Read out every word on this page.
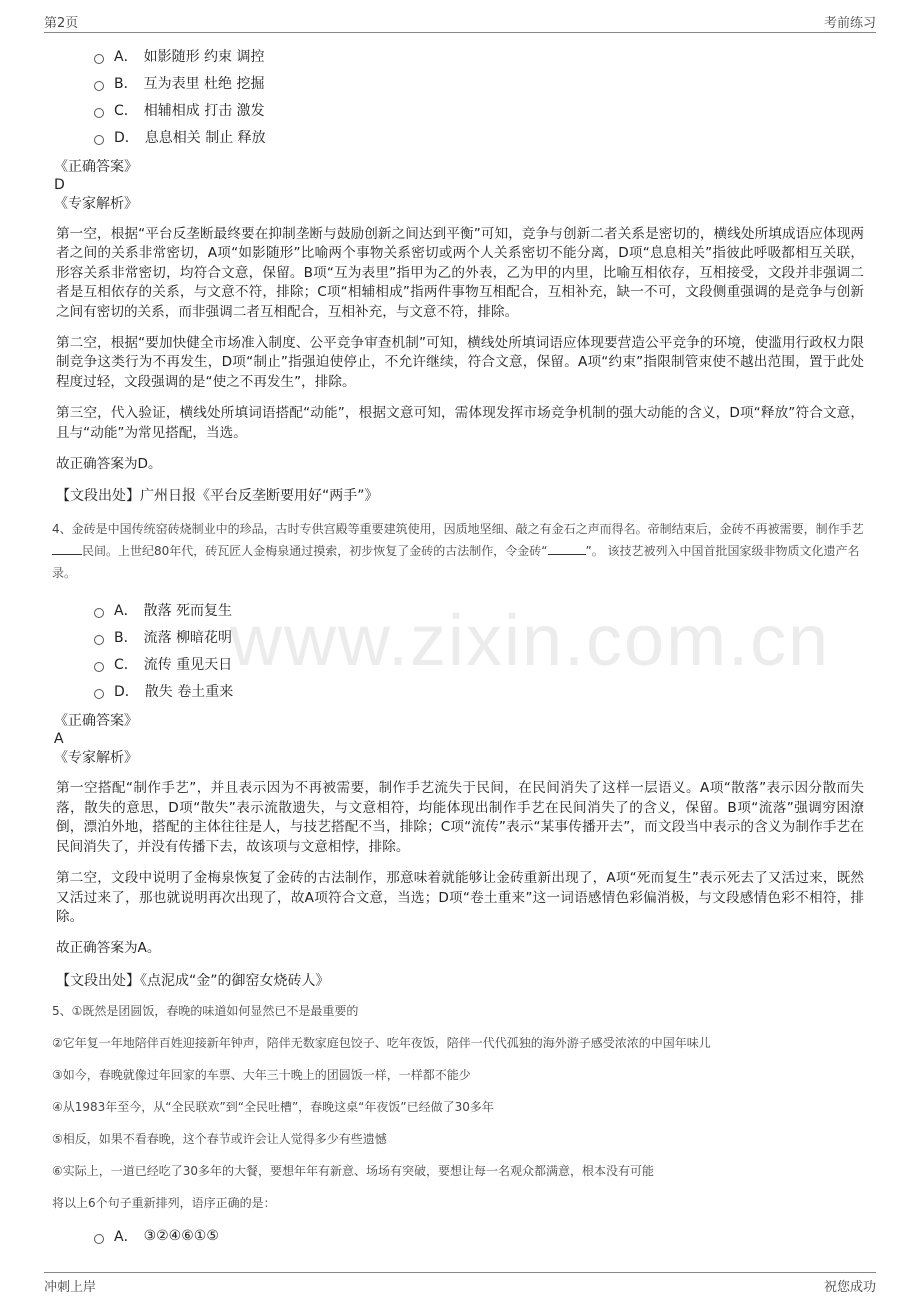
第2页	考前练习
www.zixin.com.cn
A． 如影随形 约束 调控
B． 互为表里 杜绝 挖掘
C． 相辅相成 打击 激发
D． 息息相关 制止 释放
《正确答案》
D
《专家解析》
第一空，根据“平台反垄断最终要在抑制垄断与鼓励创新之间达到平衡”可知，竞争与创新二者关系是密切的，横线处所填成语应体现两者之间的关系非常密切，A项“如影随形”比喻两个事物关系密切或两个人关系密切不能分离，D项“息息相关”指彼此呼吸都相互关联，形容关系非常密切，均符合文意，保留。B项“互为表里”指甲为乙的外表，乙为甲的内里，比喻互相依存，互相接受，文段并非强调二者是互相依存的关系，与文意不符，排除；C项“相辅相成”指两件事物互相配合，互相补充，缺一不可，文段侧重强调的是竞争与创新之间有密切的关系，而非强调二者互相配合，互相补充，与文意不符，排除。
第二空，根据“要加快健全市场准入制度、公平竞争审查机制”可知，横线处所填词语应体现要营造公平竞争的环境，使滥用行政权力限制竞争这类行为不再发生，D项“制止”指强迫使停止，不允许继续，符合文意，保留。A项“约束”指限制管束使不越出范围，置于此处程度过轻，文段强调的是“使之不再发生”，排除。
第三空，代入验证，横线处所填词语搭配“动能”，根据文意可知，需体现发挥市场竞争机制的强大动能的含义，D项“释放”符合文意，且与“动能”为常见搭配，当选。
故正确答案为D。
【文段出处】广州日报《平台反垄断要用好“两手”》
4、金砖是中国传统窑砖烧制业中的珍品，古时专供宫殿等重要建筑使用，因质地坚细、敲之有金石之声而得名。帝制结束后，金砖不再被需要，制作手艺民间。上世纪80年代，砖瓦匠人金梅泉通过摸索，初步恢复了金砖的古法制作，令金砖“	”。 该技艺被列入中国首批国家级非物质文化遗产名录。
A． 散落 死而复生
B． 流落 柳暗花明
C． 流传 重见天日
D． 散失 卷土重来
《正确答案》
A
《专家解析》
第一空搭配“制作手艺”，并且表示因为不再被需要，制作手艺流失于民间，在民间消失了这样一层语义。A项“散落”表示因分散而失落，散失的意思，D项“散失”表示流散遗失，与文意相符，均能体现出制作手艺在民间消失了的含义，保留。B项“流落”强调穷困潦倒，漂泊外地，搭配的主体往往是人，与技艺搭配不当，排除；C项“流传”表示“某事传播开去”，而文段当中表示的含义为制作手艺在民间消失了，并没有传播下去，故该项与文意相悖，排除。
第二空，文段中说明了金梅泉恢复了金砖的古法制作，那意味着就能够让金砖重新出现了，A项“死而复生”表示死去了又活过来，既然又活过来了，那也就说明再次出现了，故A项符合文意，当选；D项“卷土重来”这一词语感情色彩偏消极，与文段感情色彩不相符，排除。
故正确答案为A。
【文段出处】《点泥成“金”的御窑女烧砖人》
5、①既然是团圆饭，春晚的味道如何显然已不是最重要的
②它年复一年地陪伴百姓迎接新年钟声，陪伴无数家庭包饺子、吃年夜饭，陪伴一代代孤独的海外游子感受浓浓的中国年味儿
③如今，春晚就像过年回家的车票、大年三十晚上的团圆饭一样，一样都不能少
④从1983年至今，从“全民联欢”到“全民吐槽”，春晚这桌“年夜饭”已经做了30多年
⑤相反，如果不看春晚，这个春节或许会让人觉得多少有些遗憾
⑥实际上，一道已经吃了30多年的大餐，要想年年有新意、场场有突破，要想让每一名观众都满意，根本没有可能
将以上6个句子重新排列，语序正确的是：
A． ③②④⑥①⑤
冲刺上岸	祝您成功
